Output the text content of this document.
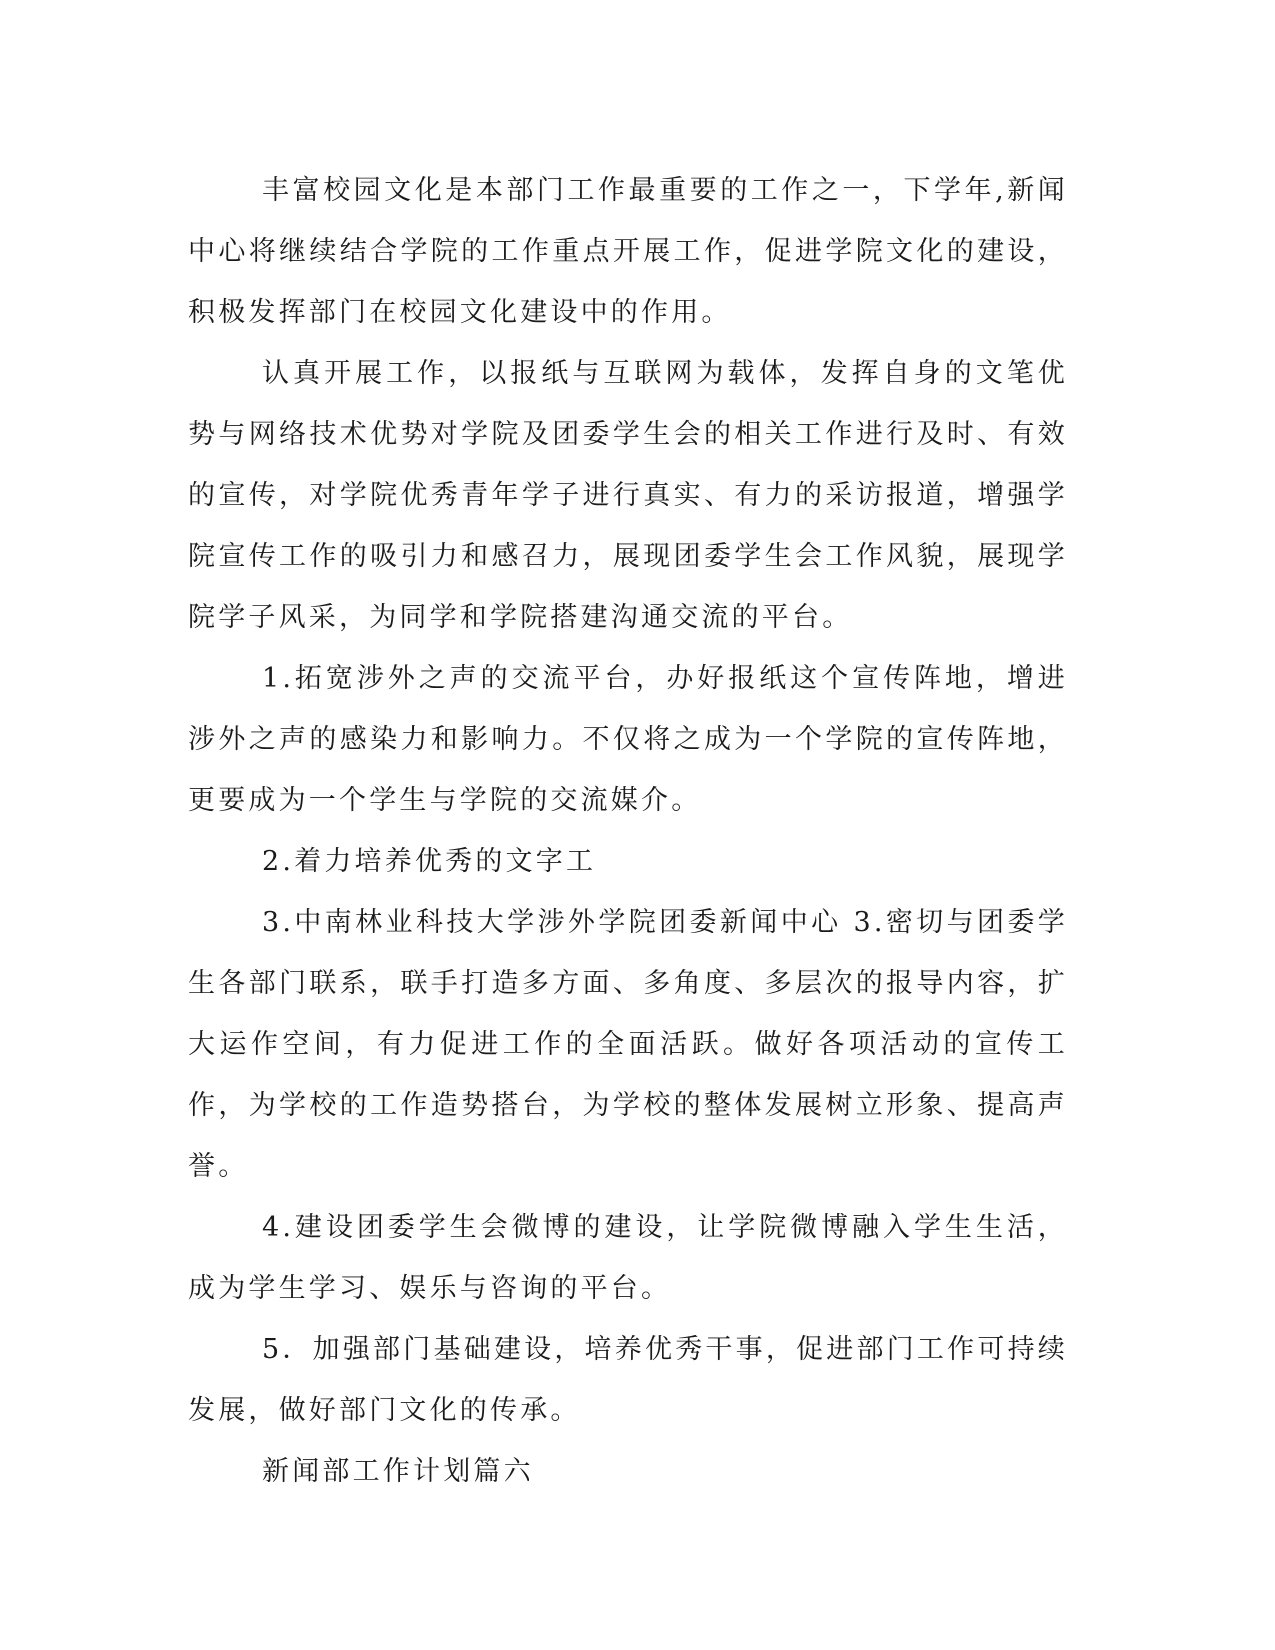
丰富校园文化是本部门工作最重要的工作之一，下学年,新闻中心将继续结合学院的工作重点开展工作，促进学院文化的建设，积极发挥部门在校园文化建设中的作用。

认真开展工作，以报纸与互联网为载体，发挥自身的文笔优势与网络技术优势对学院及团委学生会的相关工作进行及时、有效的宣传，对学院优秀青年学子进行真实、有力的采访报道，增强学院宣传工作的吸引力和感召力，展现团委学生会工作风貌，展现学院学子风采，为同学和学院搭建沟通交流的平台。

1.拓宽涉外之声的交流平台，办好报纸这个宣传阵地，增进涉外之声的感染力和影响力。不仅将之成为一个学院的宣传阵地，更要成为一个学生与学院的交流媒介。

2.着力培养优秀的文字工

3.中南林业科技大学涉外学院团委新闻中心 3.密切与团委学生各部门联系，联手打造多方面、多角度、多层次的报导内容，扩大运作空间，有力促进工作的全面活跃。做好各项活动的宣传工作，为学校的工作造势搭台，为学校的整体发展树立形象、提高声誉。

4.建设团委学生会微博的建设，让学院微博融入学生生活，成为学生学习、娱乐与咨询的平台。

5．加强部门基础建设，培养优秀干事，促进部门工作可持续发展，做好部门文化的传承。

新闻部工作计划篇六
